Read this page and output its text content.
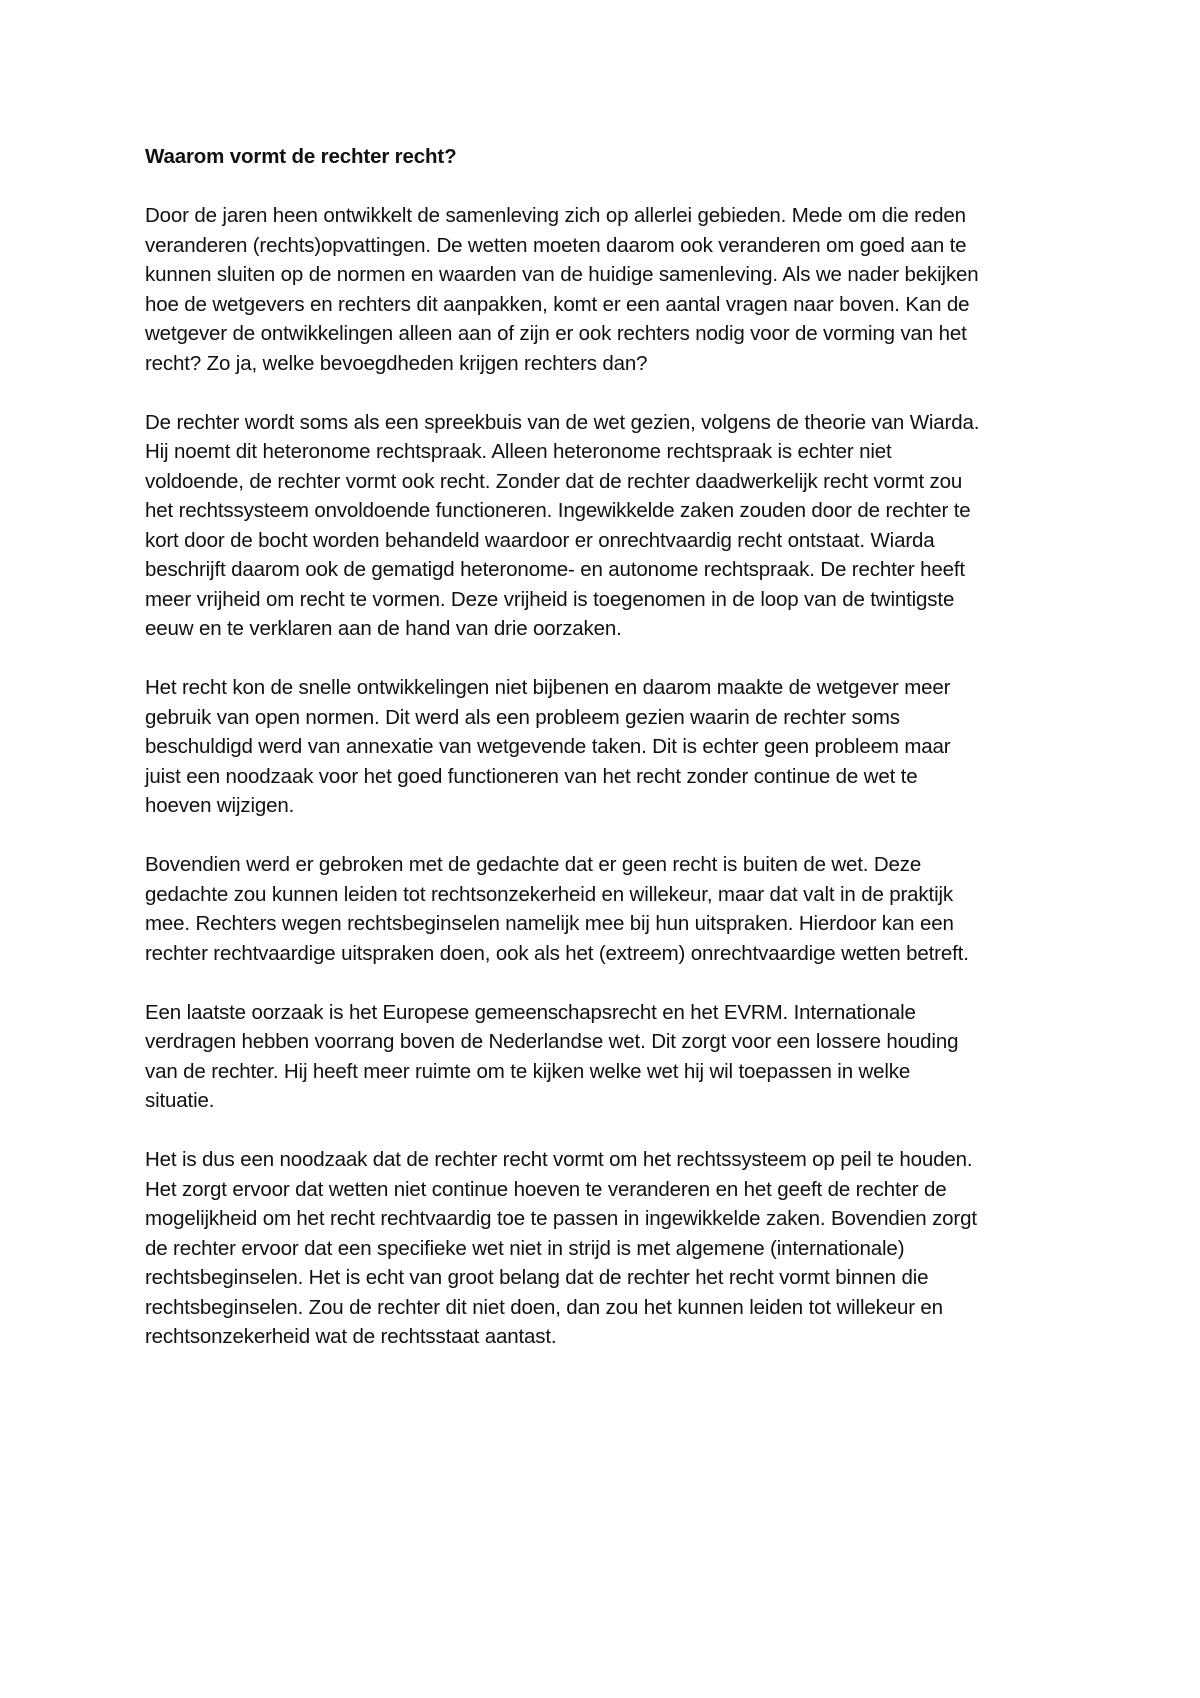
Waarom vormt de rechter recht?
Door de jaren heen ontwikkelt de samenleving zich op allerlei gebieden. Mede om die reden
veranderen (rechts)opvattingen. De wetten moeten daarom ook veranderen om goed aan te
kunnen sluiten op de normen en waarden van de huidige samenleving. Als we nader bekijken
hoe de wetgevers en rechters dit aanpakken, komt er een aantal vragen naar boven. Kan de
wetgever de ontwikkelingen alleen aan of zijn er ook rechters nodig voor de vorming van het
recht? Zo ja, welke bevoegdheden krijgen rechters dan?
De rechter wordt soms als een spreekbuis van de wet gezien, volgens de theorie van Wiarda.
Hij noemt dit heteronome rechtspraak. Alleen heteronome rechtspraak is echter niet
voldoende, de rechter vormt ook recht. Zonder dat de rechter daadwerkelijk recht vormt zou
het rechtssysteem onvoldoende functioneren. Ingewikkelde zaken zouden door de rechter te
kort door de bocht worden behandeld waardoor er onrechtvaardig recht ontstaat. Wiarda
beschrijft daarom ook de gematigd heteronome- en autonome rechtspraak. De rechter heeft
meer vrijheid om recht te vormen. Deze vrijheid is toegenomen in de loop van de twintigste
eeuw en te verklaren aan de hand van drie oorzaken.
Het recht kon de snelle ontwikkelingen niet bijbenen en daarom maakte de wetgever meer
gebruik van open normen. Dit werd als een probleem gezien waarin de rechter soms
beschuldigd werd van annexatie van wetgevende taken. Dit is echter geen probleem maar
juist een noodzaak voor het goed functioneren van het recht zonder continue de wet te
hoeven wijzigen.
Bovendien werd er gebroken met de gedachte dat er geen recht is buiten de wet. Deze
gedachte zou kunnen leiden tot rechtsonzekerheid en willekeur, maar dat valt in de praktijk
mee. Rechters wegen rechtsbeginselen namelijk mee bij hun uitspraken. Hierdoor kan een
rechter rechtvaardige uitspraken doen, ook als het (extreem) onrechtvaardige wetten betreft.
Een laatste oorzaak is het Europese gemeenschapsrecht en het EVRM. Internationale
verdragen hebben voorrang boven de Nederlandse wet. Dit zorgt voor een lossere houding
van de rechter. Hij heeft meer ruimte om te kijken welke wet hij wil toepassen in welke
situatie.
Het is dus een noodzaak dat de rechter recht vormt om het rechtssysteem op peil te houden.
Het zorgt ervoor dat wetten niet continue hoeven te veranderen en het geeft de rechter de
mogelijkheid om het recht rechtvaardig toe te passen in ingewikkelde zaken. Bovendien zorgt
de rechter ervoor dat een specifieke wet niet in strijd is met algemene (internationale)
rechtsbeginselen. Het is echt van groot belang dat de rechter het recht vormt binnen die
rechtsbeginselen. Zou de rechter dit niet doen, dan zou het kunnen leiden tot willekeur en
rechtsonzekerheid wat de rechtsstaat aantast.
